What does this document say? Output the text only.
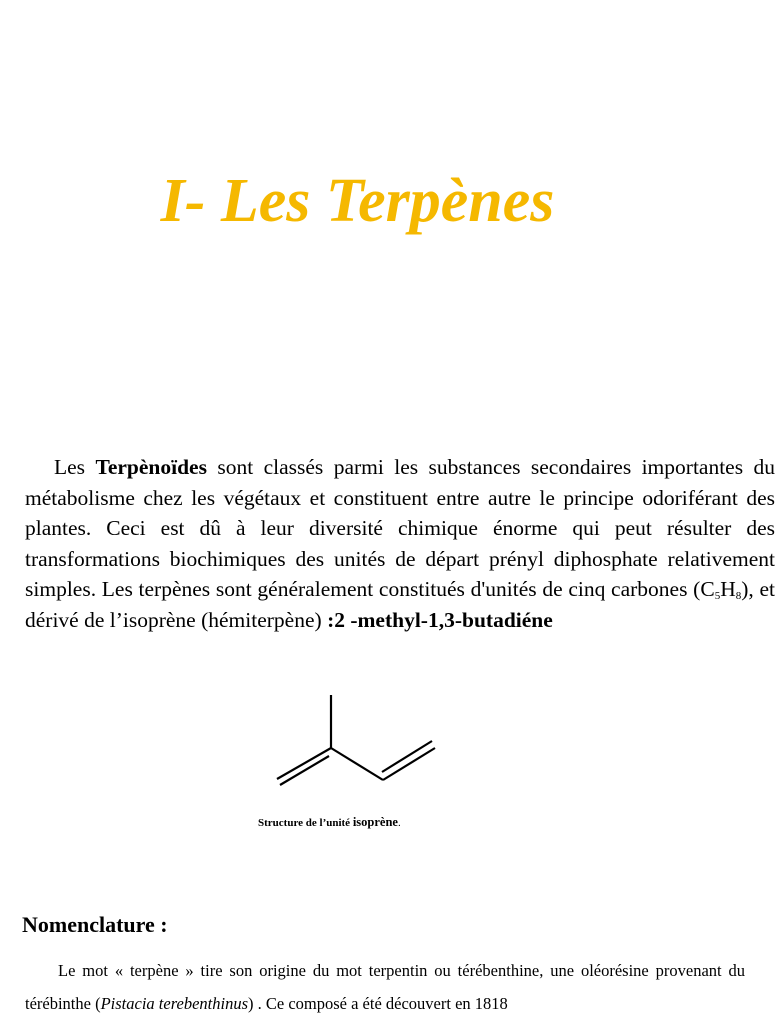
I- Les Terpènes

Les Terpènoïdes sont classés parmi les substances secondaires importantes du métabolisme chez les végétaux et constituent entre autre le principe odoriférant des plantes. Ceci est dû à leur diversité chimique énorme qui peut résulter des transformations biochimiques des unités de départ prényl diphosphate relativement simples. Les terpènes sont généralement constitués d'unités de cinq carbones $(C_5H_8)$, et dérivé de l’isoprène (hémiterpène) :2 -methyl-1,3-butadiéne

Structure de l’unité isoprène.

Nomenclature :

Le mot « terpène » tire son origine du mot terpentin ou térébenthine, une oléorésine provenant du térébinthe (Pistacia terebenthinus) . Ce composé a été découvert en 1818
